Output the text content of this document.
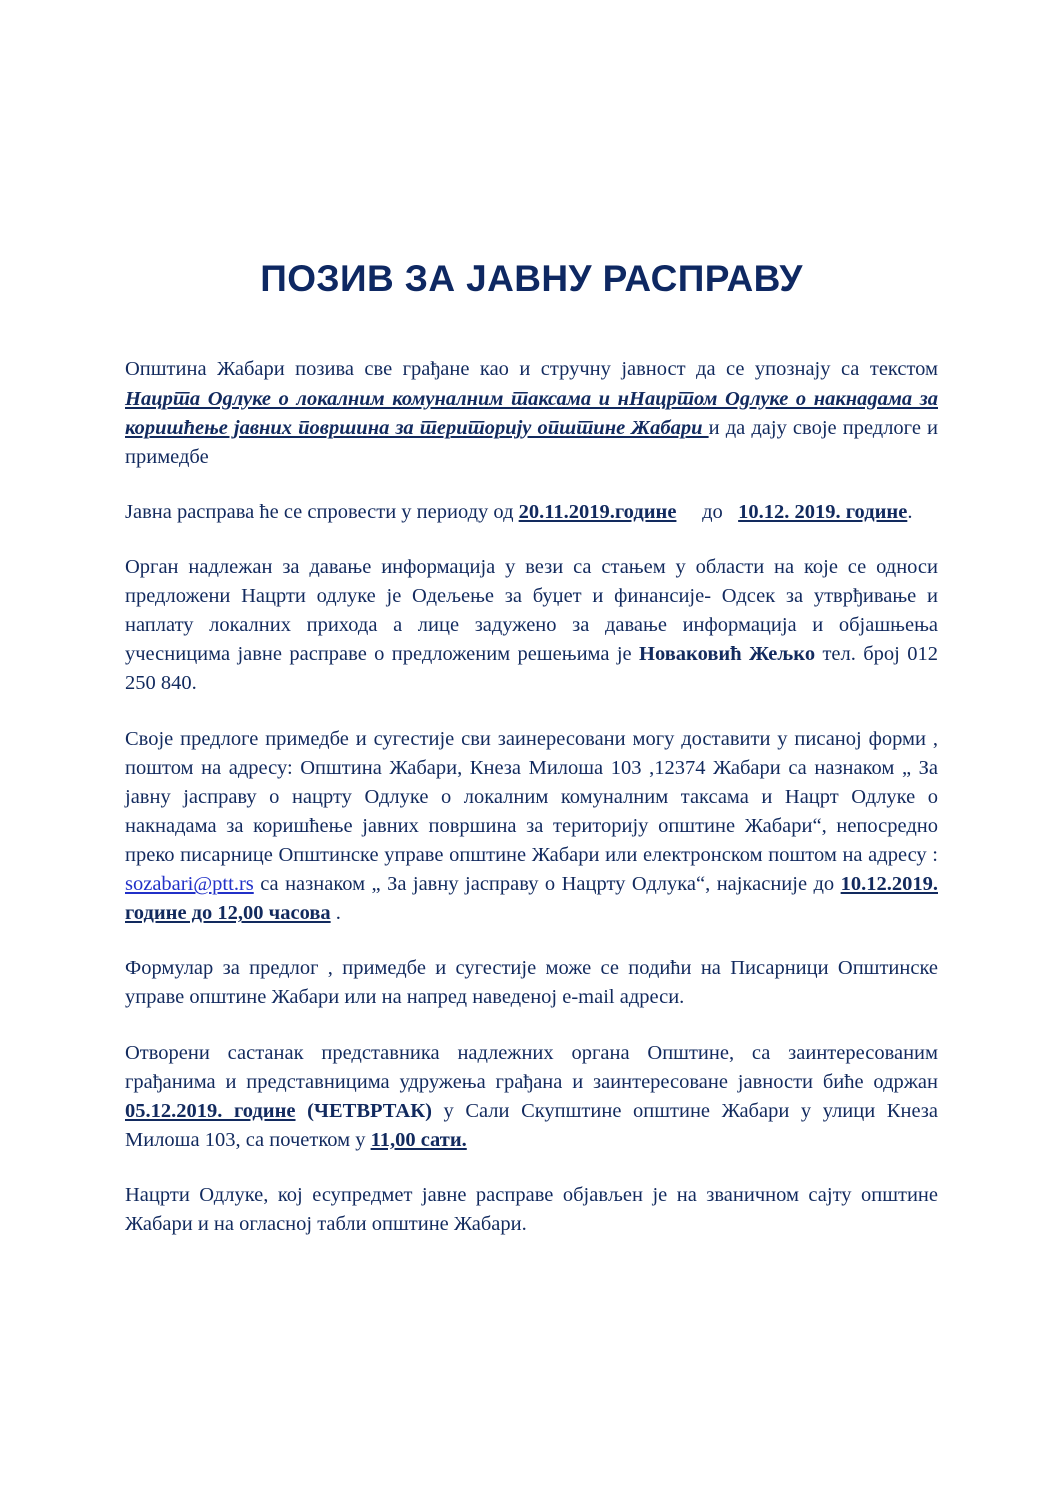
ПОЗИВ ЗА ЈАВНУ РАСПРАВУ

Општина Жабари позива све грађане као и стручну јавност да се упознају са текстом Нацрта Одлуке о локалним комуналним таксама и нНацртом Одлуке о накнадама за коришћење јавних површина за територију општине Жабари и да дају своје предлоге и примедбе

Јавна расправа ће се спровести у периоду од 20.11.2019.године до 10.12. 2019. године.

Орган надлежан за давање информација у вези са стањем у области на које се односи предложени Нацрти одлуке је Одељење за буџет и финансије- Одсек за утврђивање и наплату локалних прихода а лице задужено за давање информација и објашњења учесницима јавне расправе о предложеним решењима је Новаковић Жељко тел. број 012 250 840.

Своје предлоге примедбе и сугестије сви заинересовани могу доставити у писаној форми , поштом на адресу: Општина Жабари, Кнеза Милоша 103 ,12374 Жабари са назнаком „ За јавну јасправу о нацрту Одлуке о локалним комуналним таксама и Нацрт Одлуке о накнадама за коришћење јавних површина за територију општине Жабари“, непосредно преко писарнице Општинске управе општине Жабари или електронском поштом на адресу : sozabari@ptt.rs са назнаком „ За јавну јасправу о Нацрту Одлука“, најкасније до 10.12.2019. године до 12,00 часова .

Формулар за предлог , примедбе и сугестије може се подићи на Писарници Општинске управе општине Жабари или на напред наведеној e-mail адреси.

Отворени састанак представника надлежних органа Општине, са заинтересованим грађанима и представницима удружења грађана и заинтересоване јавности биће одржан 05.12.2019. године (ЧЕТВРТАК) у Сали Скупштине општине Жабари у улици Кнеза Милоша 103, са почетком у 11,00 сати.

Нацрти Одлуке, кој есупредмет јавне расправе објављен је на званичном сајту општине Жабари и на огласној табли општине Жабари.
